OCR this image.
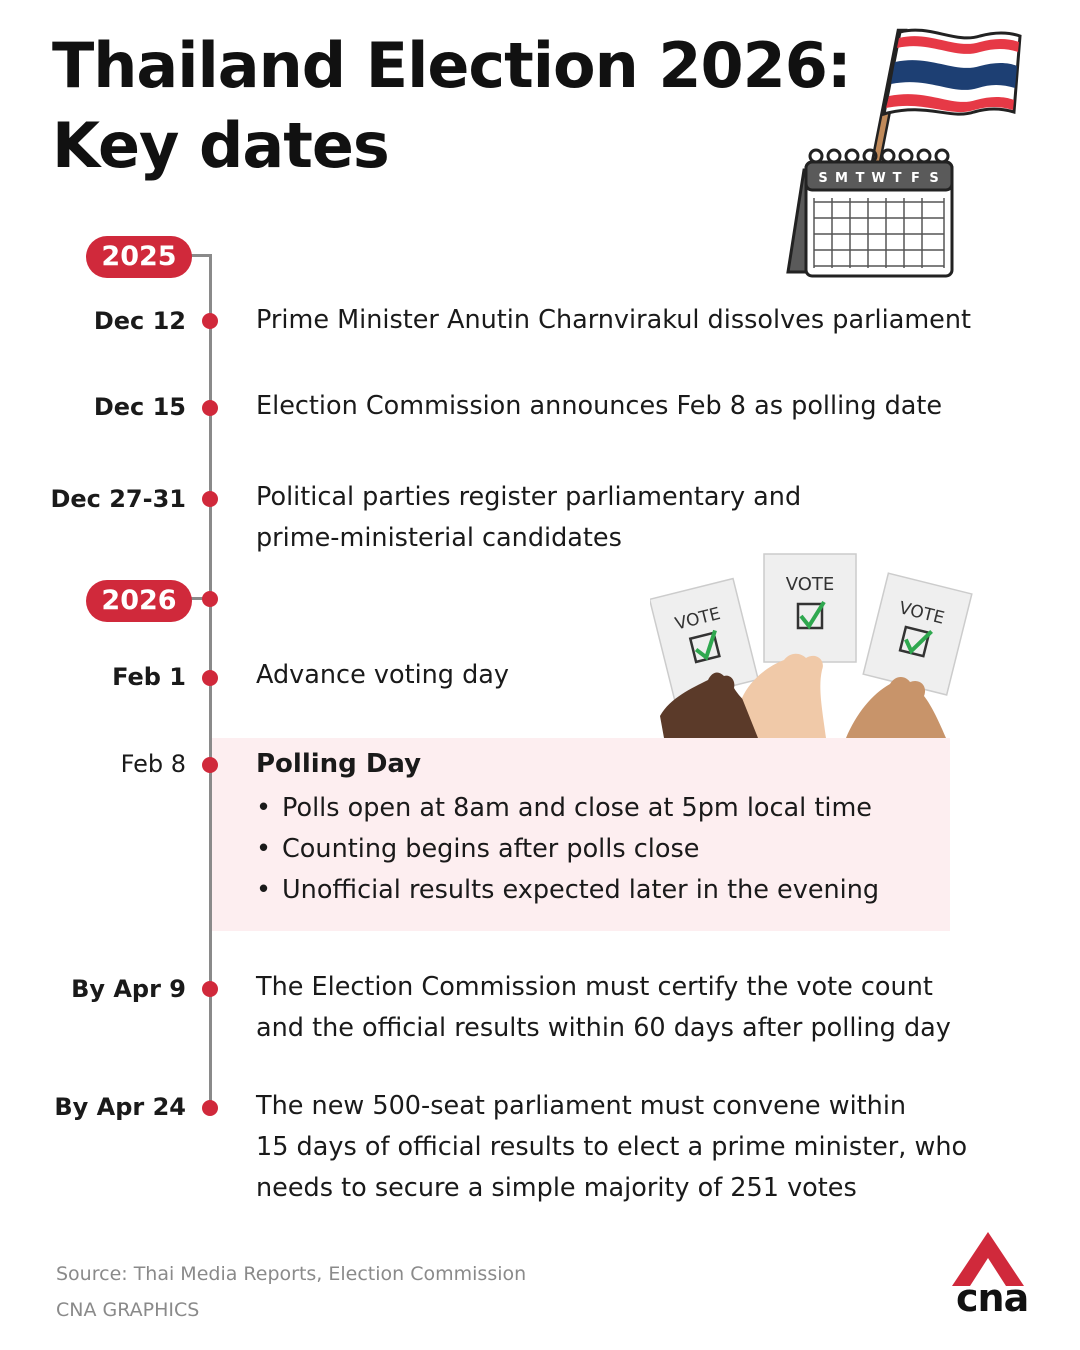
Thailand Election 2026:
Key dates	S M T W T F S
VOTE
VOTE
VOTE
2025
2026
Dec 12	Prime Minister Anutin Charnvirakul dissolves parliament
Dec 15	Election Commission announces Feb 8 as polling date
Dec 27-31	Political parties register parliamentary and
prime-ministerial candidates
Feb 1	Advance voting day
Feb 8	Polling Day
• Polls open at 8am and close at 5pm local time
• Counting begins after polls close
• Unofficial results expected later in the evening
By Apr 9	The Election Commission must certify the vote count
and the official results within 60 days after polling day
By Apr 24	The new 500-seat parliament must convene within
15 days of official results to elect a prime minister, who
needs to secure a simple majority of 251 votes
Source: Thai Media Reports, Election Commission
CNA GRAPHICS	cna
